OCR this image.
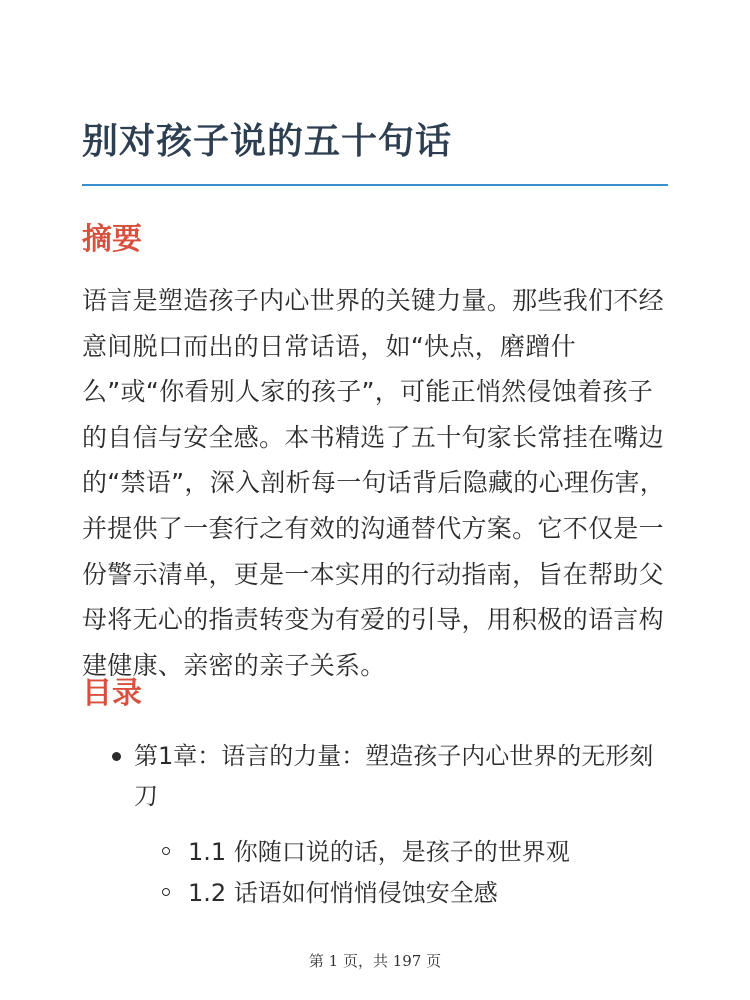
别对孩子说的五十句话
摘要

语言是塑造孩子内心世界的关键力量。那些我们不经意间脱口而出的日常话语，如“快点，磨蹭什么”或“你看别人家的孩子”，可能正悄然侵蚀着孩子的自信与安全感。本书精选了五十句家长常挂在嘴边的“禁语”，深入剖析每一句话背后隐藏的心理伤害，并提供了一套行之有效的沟通替代方案。它不仅是一份警示清单，更是一本实用的行动指南，旨在帮助父母将无心的指责转变为有爱的引导，用积极的语言构建健康、亲密的亲子关系。

目录
第1章：语言的力量：塑造孩子内心世界的无形刻刀
1.1 你随口说的话，是孩子的世界观
1.2 话语如何悄悄侵蚀安全感
第 1 页，共 197 页
